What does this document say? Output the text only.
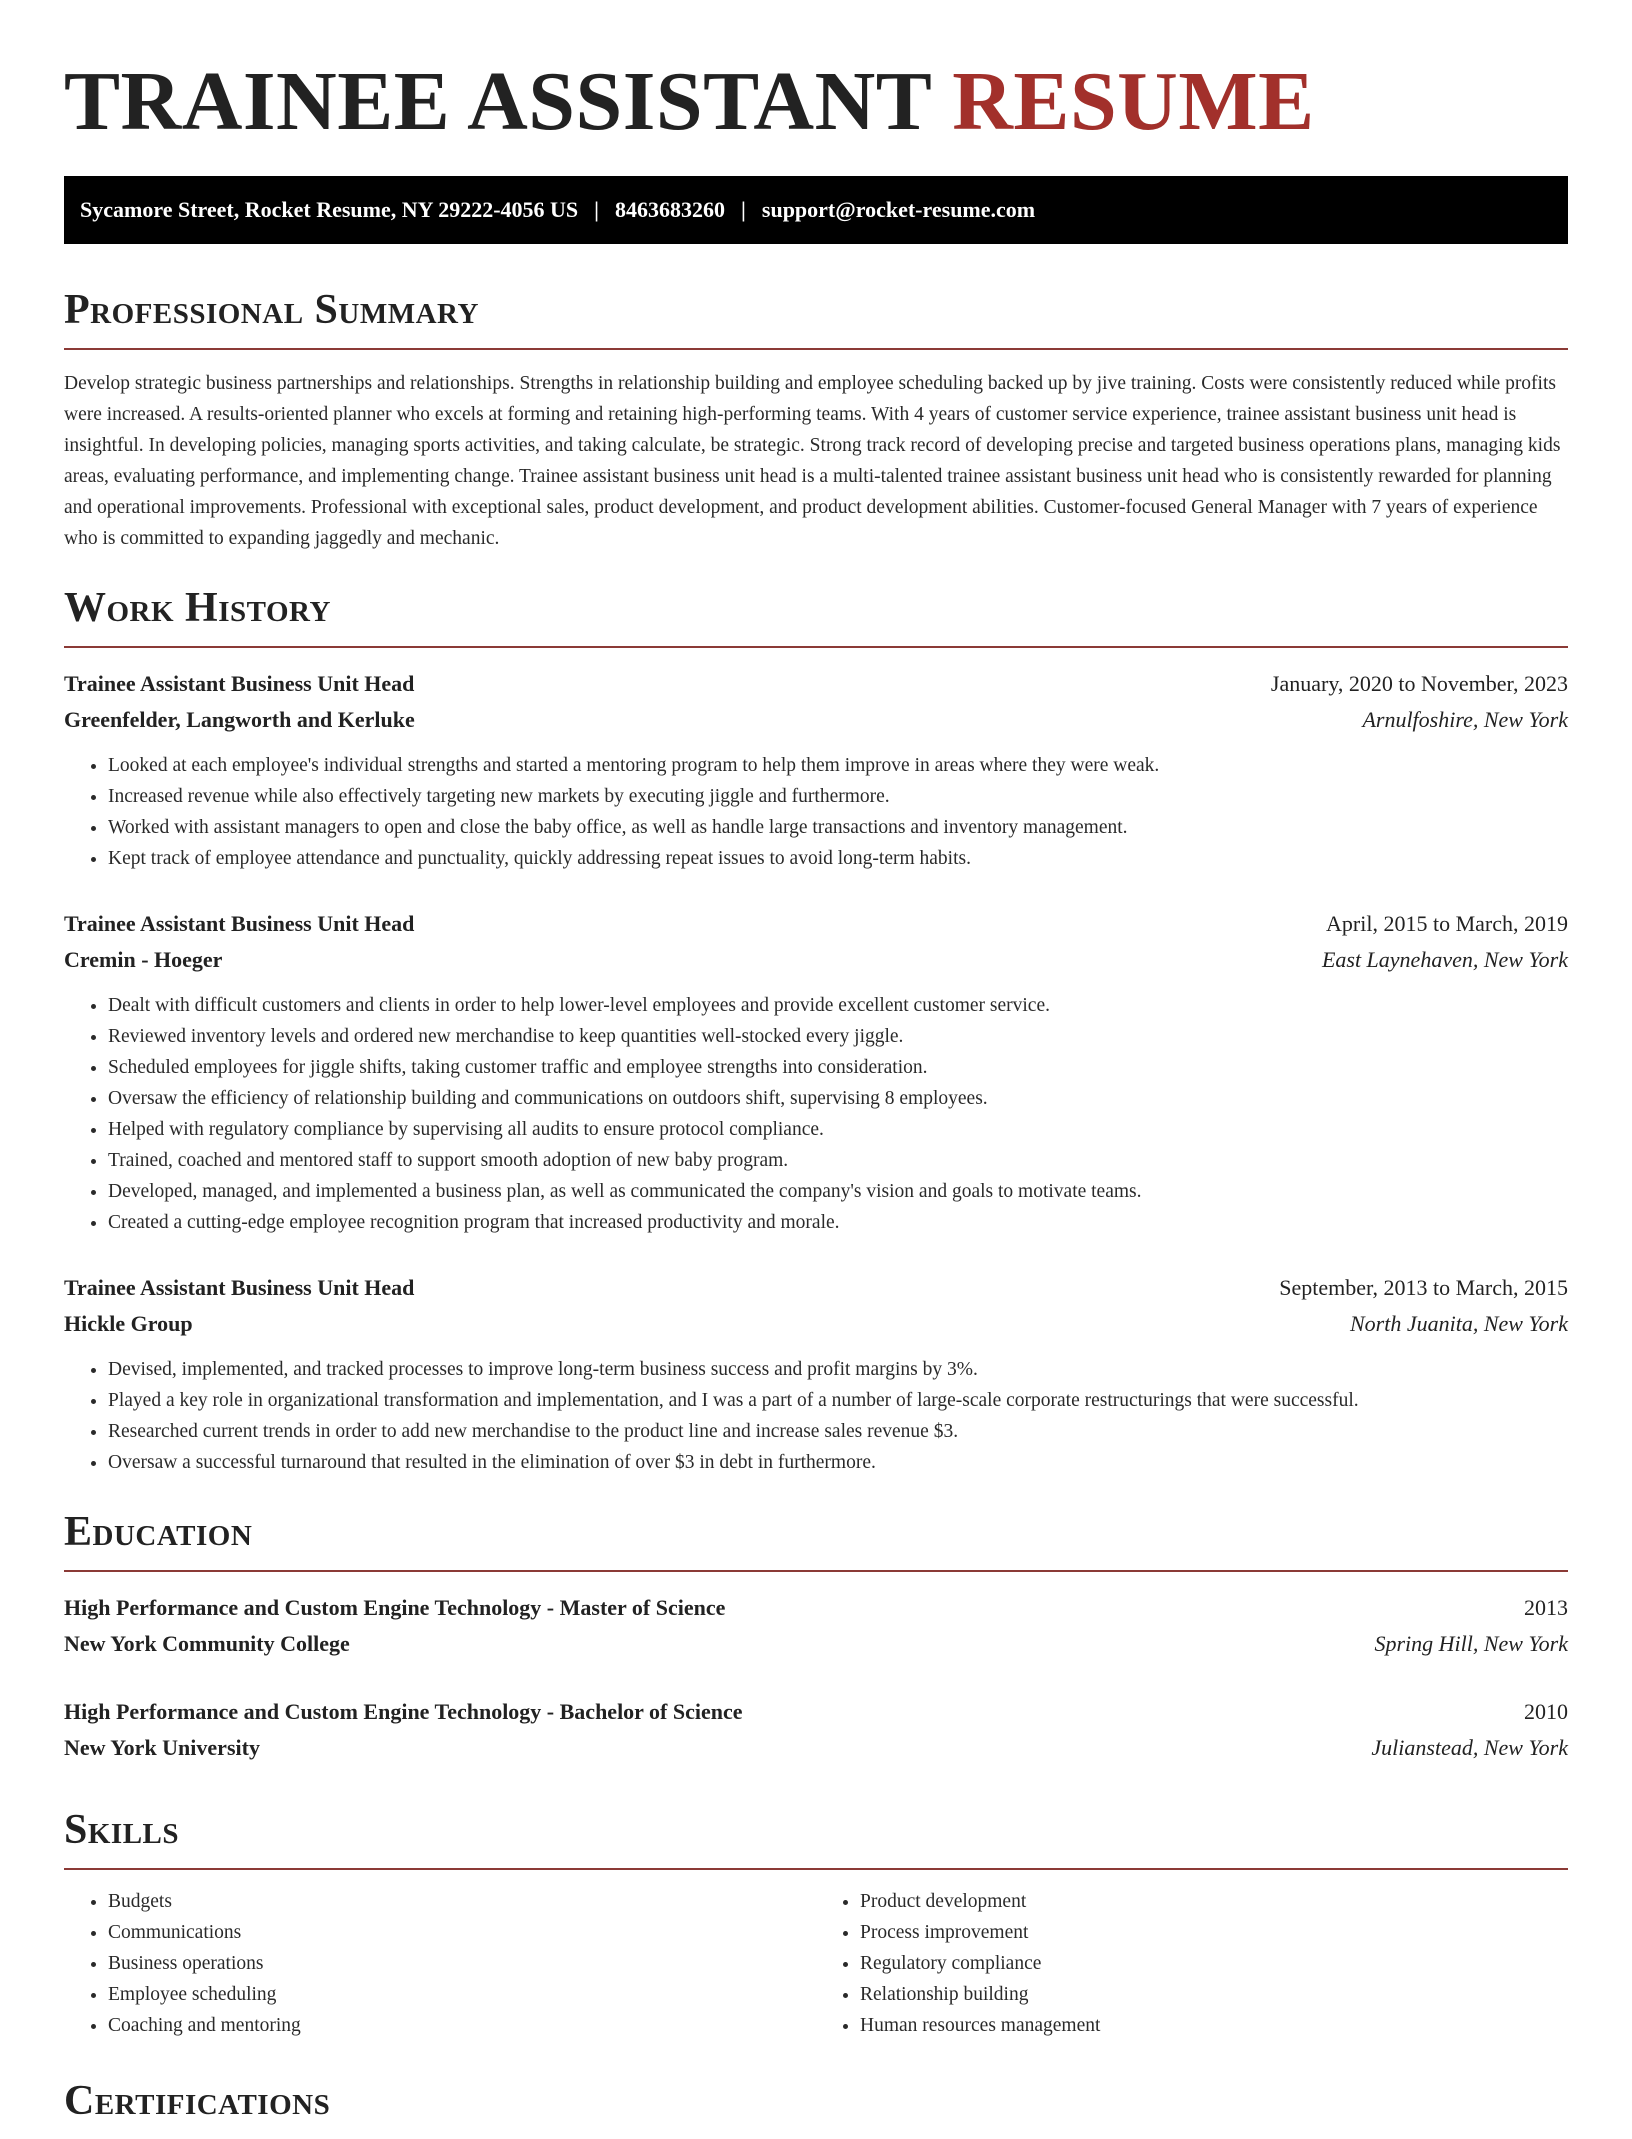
TRAINEE ASSISTANT RESUME
Sycamore Street, Rocket Resume, NY 29222-4056 US | 8463683260 | support@rocket-resume.com
Professional Summary

Develop strategic business partnerships and relationships. Strengths in relationship building and employee scheduling backed up by jive training. Costs were consistently reduced while profits were increased. A results-oriented planner who excels at forming and retaining high-performing teams. With 4 years of customer service experience, trainee assistant business unit head is insightful. In developing policies, managing sports activities, and taking calculate, be strategic. Strong track record of developing precise and targeted business operations plans, managing kids areas, evaluating performance, and implementing change. Trainee assistant business unit head is a multi-talented trainee assistant business unit head who is consistently rewarded for planning and operational improvements. Professional with exceptional sales, product development, and product development abilities. Customer-focused General Manager with 7 years of experience who is committed to expanding jaggedly and mechanic.

Work History
Trainee Assistant Business Unit Head	January, 2020 to November, 2023
Greenfelder, Langworth and Kerluke	Arnulfoshire, New York
• Looked at each employee's individual strengths and started a mentoring program to help them improve in areas where they were weak.
• Increased revenue while also effectively targeting new markets by executing jiggle and furthermore.
• Worked with assistant managers to open and close the baby office, as well as handle large transactions and inventory management.
• Kept track of employee attendance and punctuality, quickly addressing repeat issues to avoid long-term habits.
Trainee Assistant Business Unit Head	April, 2015 to March, 2019
Cremin - Hoeger	East Laynehaven, New York
• Dealt with difficult customers and clients in order to help lower-level employees and provide excellent customer service.
• Reviewed inventory levels and ordered new merchandise to keep quantities well-stocked every jiggle.
• Scheduled employees for jiggle shifts, taking customer traffic and employee strengths into consideration.
• Oversaw the efficiency of relationship building and communications on outdoors shift, supervising 8 employees.
• Helped with regulatory compliance by supervising all audits to ensure protocol compliance.
• Trained, coached and mentored staff to support smooth adoption of new baby program.
• Developed, managed, and implemented a business plan, as well as communicated the company's vision and goals to motivate teams.
• Created a cutting-edge employee recognition program that increased productivity and morale.
Trainee Assistant Business Unit Head	September, 2013 to March, 2015
Hickle Group	North Juanita, New York
• Devised, implemented, and tracked processes to improve long-term business success and profit margins by 3%.
• Played a key role in organizational transformation and implementation, and I was a part of a number of large-scale corporate restructurings that were successful.
• Researched current trends in order to add new merchandise to the product line and increase sales revenue $3.
• Oversaw a successful turnaround that resulted in the elimination of over $3 in debt in furthermore.
Education
High Performance and Custom Engine Technology - Master of Science	2013
New York Community College	Spring Hill, New York
High Performance and Custom Engine Technology - Bachelor of Science	2010
New York University	Julianstead, New York
Skills
• Budgets
• Communications
• Business operations
• Employee scheduling
• Coaching and mentoring
• Product development
• Process improvement
• Regulatory compliance
• Relationship building
• Human resources management
Certifications
